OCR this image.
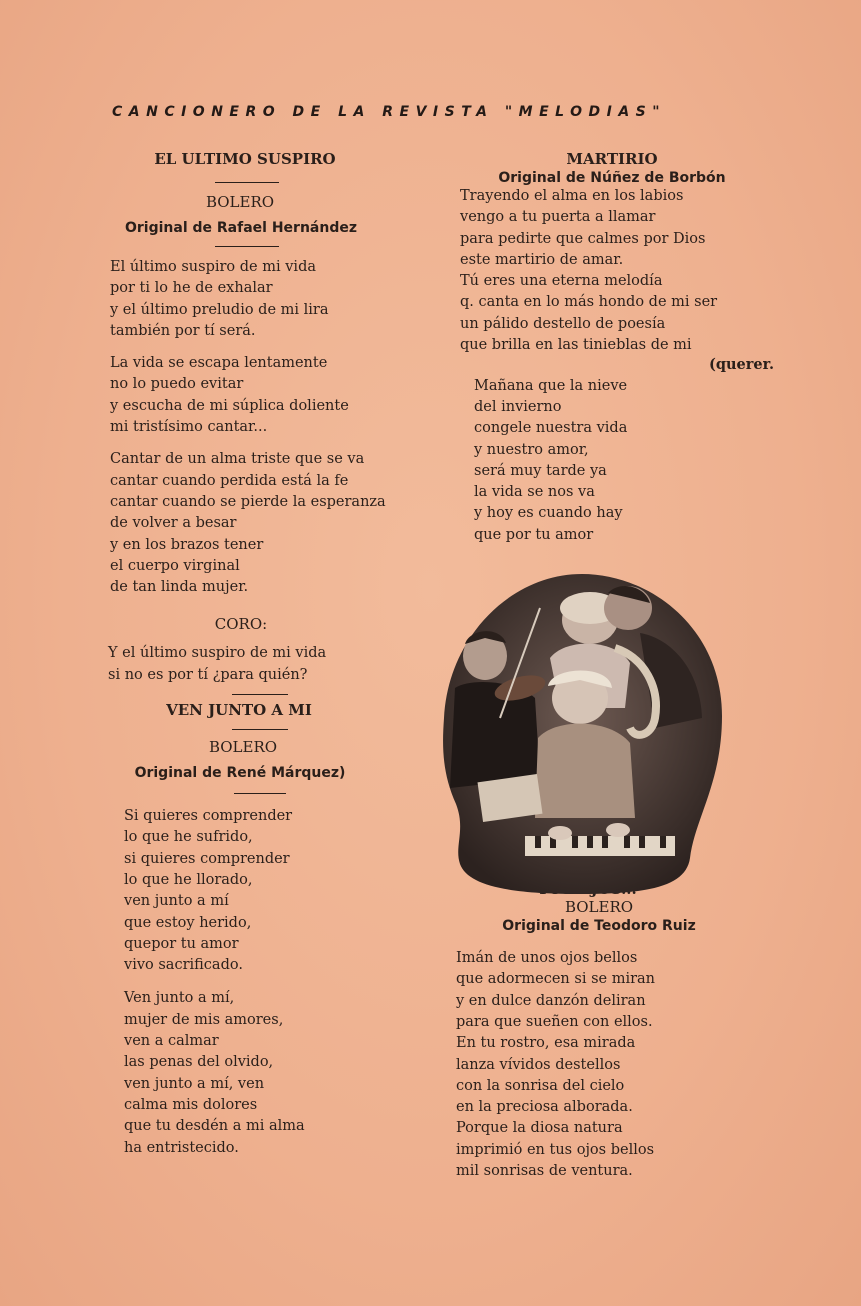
CANCIONERO DE LA REVISTA "MELODIAS"
EL ULTIMO SUSPIRO
BOLERO
Original de Rafael Hernández
El último suspiro de mi vida
por ti lo he de exhalar
y el último preludio de mi lira
también por tí será.
La vida se escapa lentamente
no lo puedo evitar
y escucha de mi súplica doliente
mi tristísimo cantar...
Cantar de un alma triste que se va
cantar cuando perdida está la fe
cantar cuando se pierde la esperanza
de volver a besar
y en los brazos tener
el cuerpo virginal
de tan linda mujer.
CORO:
Y el último suspiro de mi vida
si no es por tí ¿para quién?
VEN JUNTO A MI
BOLERO
Original de René Márquez)
Si quieres comprender
lo que he sufrido,
si quieres comprender
lo que he llorado,
ven junto a mí
que estoy herido,
quepor tu amor
vivo sacrificado.
Ven junto a mí,
mujer de mis amores,
ven a calmar
las penas del olvido,
ven junto a mí, ven
calma mis dolores
que tu desdén a mi alma
ha entristecido.
MARTIRIO
Original de Núñez de Borbón
Trayendo el alma en los labios
vengo a tu puerta a llamar
para pedirte que calmes por Dios
este martirio de amar.
Tú eres una eterna melodía
q. canta en lo más hondo de mi ser
un pálido destello de poesía
que brilla en las tinieblas de mi
(querer.
Mañana que la nieve
del invierno
congele nuestra vida
y nuestro amor,
será muy tarde ya
la vida se nos va
y hoy es cuando hay
que por tu amor
BOLERO
Original de Teodoro Ruiz
Imán de unos ojos bellos
que adormecen si se miran
y en dulce danzón deliran
para que sueñen con ellos.
En tu rostro, esa mirada
lanza vívidos destellos
con la sonrisa del cielo
en la preciosa alborada.
Porque la diosa natura
imprimió en tus ojos bellos
mil sonrisas de ventura.
